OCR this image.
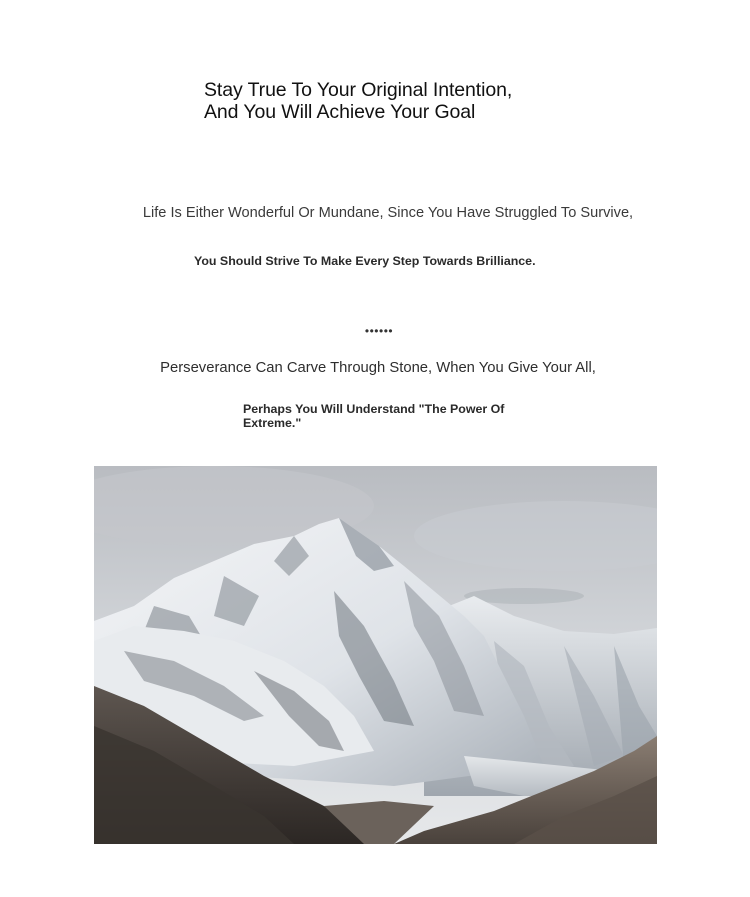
Stay True To Your Original Intention,
And You Will Achieve Your Goal

Life Is Either Wonderful Or Mundane, Since You Have Struggled To Survive,

You Should Strive To Make Every Step Towards Brilliance.

••••••

Perseverance Can Carve Through Stone, When You Give Your All,

Perhaps You Will Understand "The Power Of Extreme."
